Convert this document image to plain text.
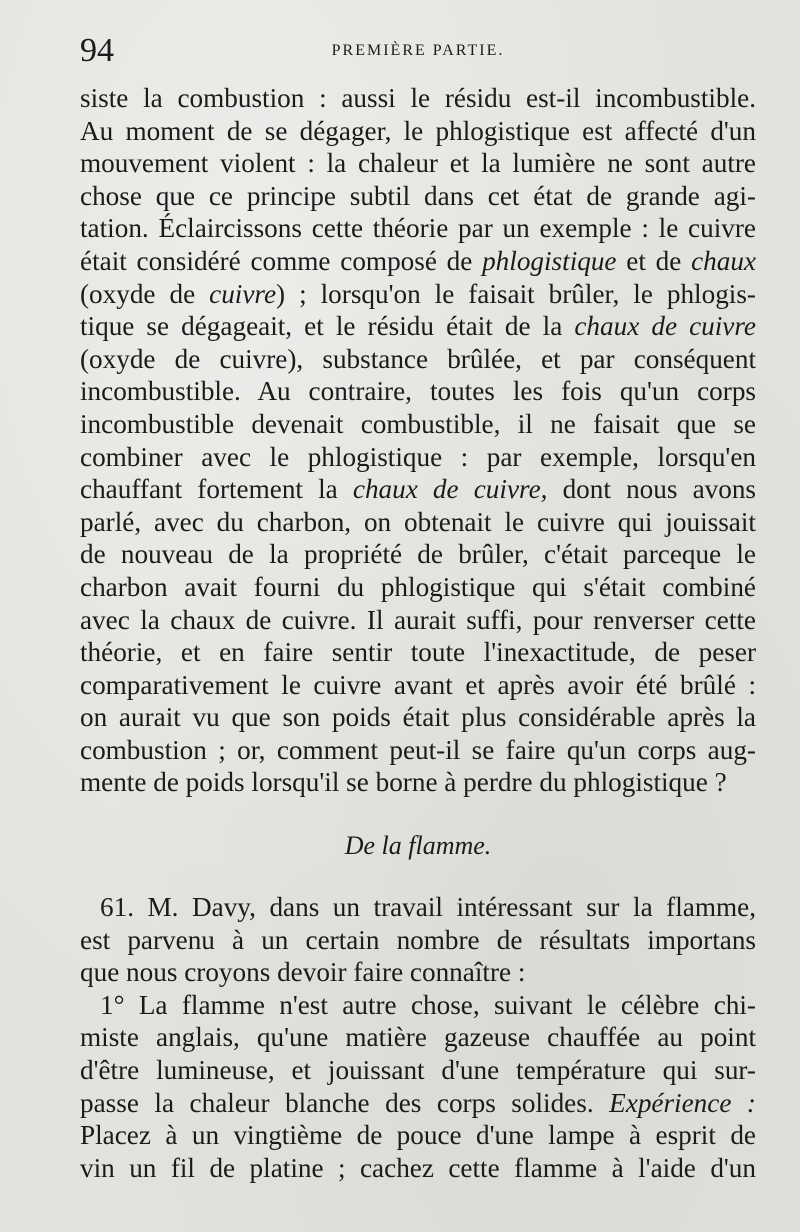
94	PREMIÈRE PARTIE.
siste la combustion : aussi le résidu est-il incombustible.
Au moment de se dégager, le phlogistique est affecté d'un
mouvement violent : la chaleur et la lumière ne sont autre
chose que ce principe subtil dans cet état de grande agi-
tation. Éclaircissons cette théorie par un exemple : le cuivre
était considéré comme composé de phlogistique et de chaux
(oxyde de cuivre) ; lorsqu'on le faisait brûler, le phlogis-
tique se dégageait, et le résidu était de la chaux de cuivre
(oxyde de cuivre), substance brûlée, et par conséquent
incombustible. Au contraire, toutes les fois qu'un corps
incombustible devenait combustible, il ne faisait que se
combiner avec le phlogistique : par exemple, lorsqu'en
chauffant fortement la chaux de cuivre, dont nous avons
parlé, avec du charbon, on obtenait le cuivre qui jouissait
de nouveau de la propriété de brûler, c'était parceque le
charbon avait fourni du phlogistique qui s'était combiné
avec la chaux de cuivre. Il aurait suffi, pour renverser cette
théorie, et en faire sentir toute l'inexactitude, de peser
comparativement le cuivre avant et après avoir été brûlé :
on aurait vu que son poids était plus considérable après la
combustion ; or, comment peut-il se faire qu'un corps aug-
mente de poids lorsqu'il se borne à perdre du phlogistique ?
De la flamme.
61. M. Davy, dans un travail intéressant sur la flamme,
est parvenu à un certain nombre de résultats importans
que nous croyons devoir faire connaître :
1° La flamme n'est autre chose, suivant le célèbre chi-
miste anglais, qu'une matière gazeuse chauffée au point
d'être lumineuse, et jouissant d'une température qui sur-
passe la chaleur blanche des corps solides. Expérience :
Placez à un vingtième de pouce d'une lampe à esprit de
vin un fil de platine ; cachez cette flamme à l'aide d'un
